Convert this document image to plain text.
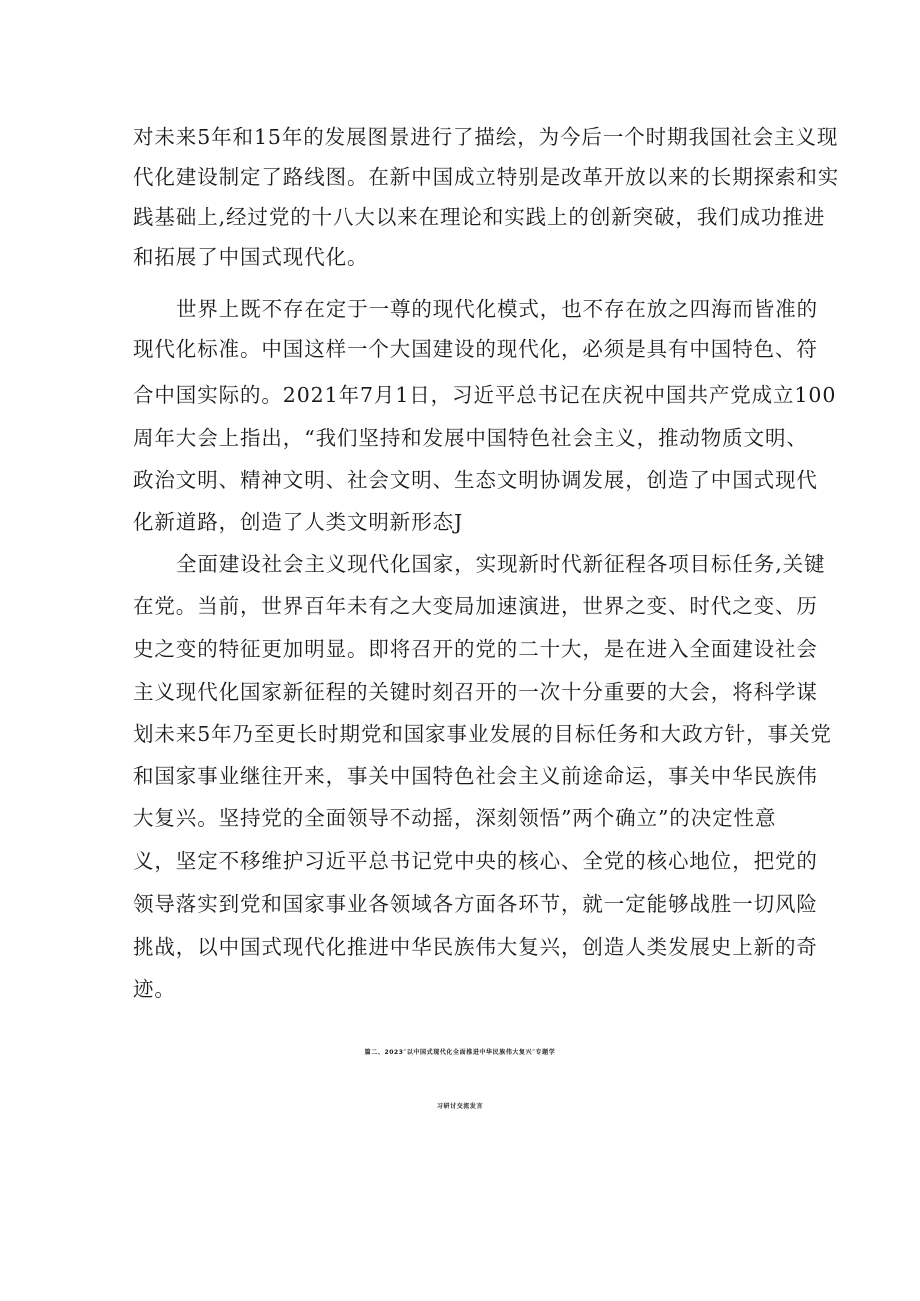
对未来5年和15年的发展图景进行了描绘，为今后一个时期我国社会主义现

代化建设制定了路线图。在新中国成立特别是改革开放以来的长期探索和实

践基础上,经过党的十八大以来在理论和实践上的创新突破，我们成功推进

和拓展了中国式现代化。

世界上既不存在定于一尊的现代化模式，也不存在放之四海而皆准的

现代化标准。中国这样一个大国建设的现代化，必须是具有中国特色、符

合中国实际的。2021年7月1日，习近平总书记在庆祝中国共产党成立100

周年大会上指出，“我们坚持和发展中国特色社会主义，推动物质文明、

政治文明、精神文明、社会文明、生态文明协调发展，创造了中国式现代

化新道路，创造了人类文明新形态J

全面建设社会主义现代化国家，实现新时代新征程各项目标任务,关键

在党。当前，世界百年未有之大变局加速演进，世界之变、时代之变、历

史之变的特征更加明显。即将召开的党的二十大，是在进入全面建设社会

主义现代化国家新征程的关键时刻召开的一次十分重要的大会，将科学谋

划未来5年乃至更长时期党和国家事业发展的目标任务和大政方针，事关党

和国家事业继往开来，事关中国特色社会主义前途命运，事关中华民族伟

大复兴。坚持党的全面领导不动摇，深刻领悟”两个确立”的决定性意

义，坚定不移维护习近平总书记党中央的核心、全党的核心地位，把党的

领导落实到党和国家事业各领域各方面各环节，就一定能够战胜一切风险

挑战，以中国式现代化推进中华民族伟大复兴，创造人类发展史上新的奇

迹。

篇二、2023″以中国式现代化全面推进中华民族伟大复兴″专题学
习研讨交流发言
